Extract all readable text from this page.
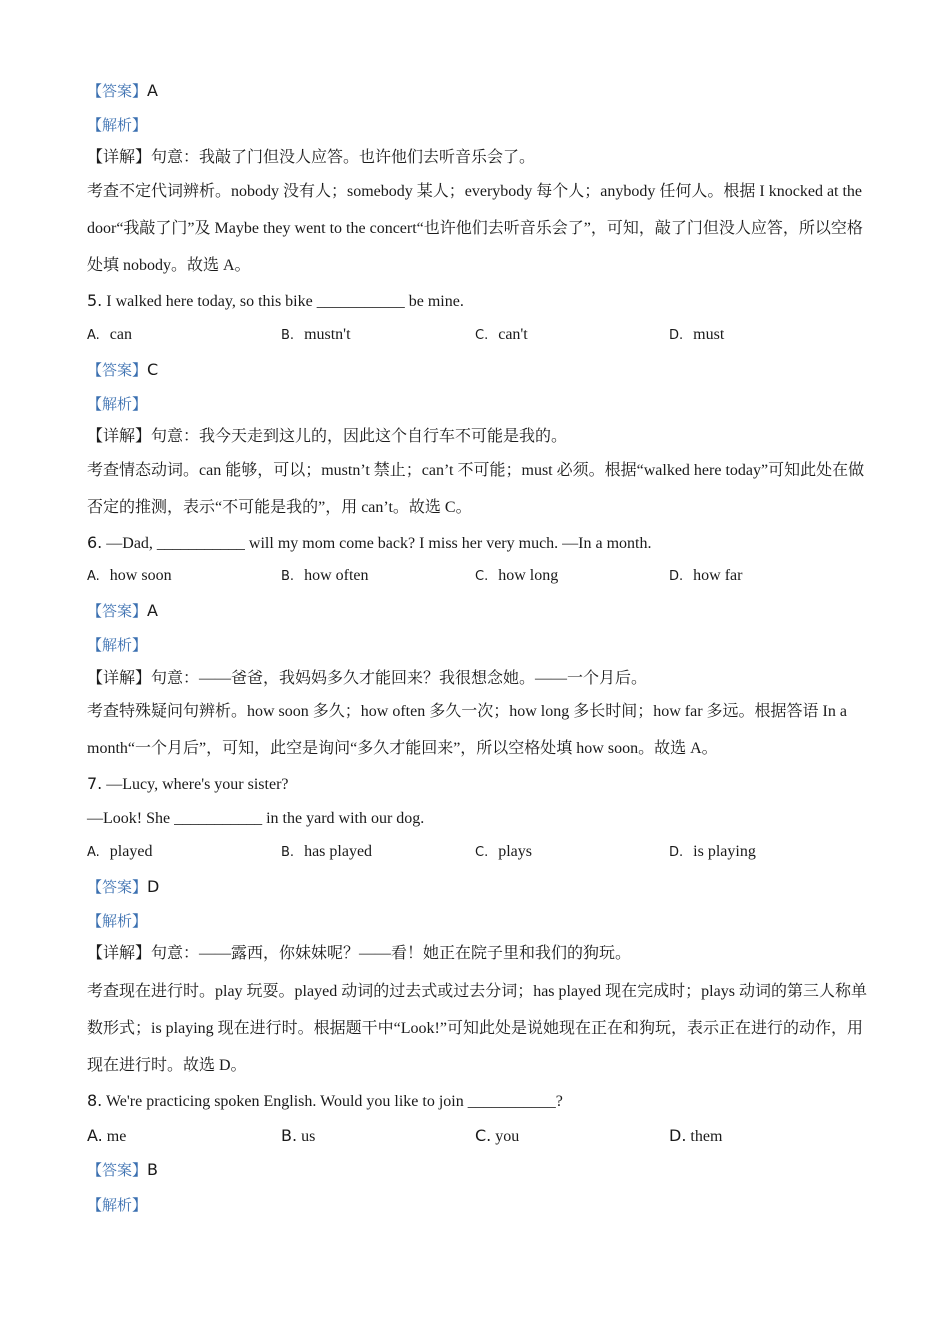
【答案】A
【解析】
【详解】句意：我敲了门但没人应答。也许他们去听音乐会了。
考查不定代词辨析。nobody 没有人；somebody 某人；everybody 每个人；anybody 任何人。根据 I knocked at the door“我敲了门”及 Maybe they went to the concert“也许他们去听音乐会了”，可知，敲了门但没人应答，所以空格处填 nobody。故选 A。
5. I walked here today, so this bike ___________ be mine.
A. can	B. mustn't	C. can't	D. must
【答案】C
【解析】
【详解】句意：我今天走到这儿的，因此这个自行车不可能是我的。
考查情态动词。can 能够，可以；mustn’t 禁止；can’t 不可能；must 必须。根据“walked here today”可知此处在做否定的推测，表示“不可能是我的”，用 can’t。故选 C。
6. —Dad, ___________ will my mom come back? I miss her very much. —In a month.
A. how soon	B. how often	C. how long	D. how far
【答案】A
【解析】
【详解】句意：——爸爸，我妈妈多久才能回来？我很想念她。——一个月后。
考查特殊疑问句辨析。how soon 多久；how often 多久一次；how long 多长时间；how far 多远。根据答语 In a month“一个月后”，可知，此空是询问“多久才能回来”，所以空格处填 how soon。故选 A。
7. —Lucy, where's your sister?
—Look! She ___________ in the yard with our dog.
A. played	B. has played	C. plays	D. is playing
【答案】D
【解析】
【详解】句意：——露西，你妹妹呢？——看！她正在院子里和我们的狗玩。
考查现在进行时。play 玩耍。played 动词的过去式或过去分词；has played 现在完成时；plays 动词的第三人称单数形式；is playing 现在进行时。根据题干中“Look!”可知此处是说她现在正在和狗玩，表示正在进行的动作，用现在进行时。故选 D。
8. We're practicing spoken English. Would you like to join ___________?
A. me	B. us	C. you	D. them
【答案】B
【解析】
